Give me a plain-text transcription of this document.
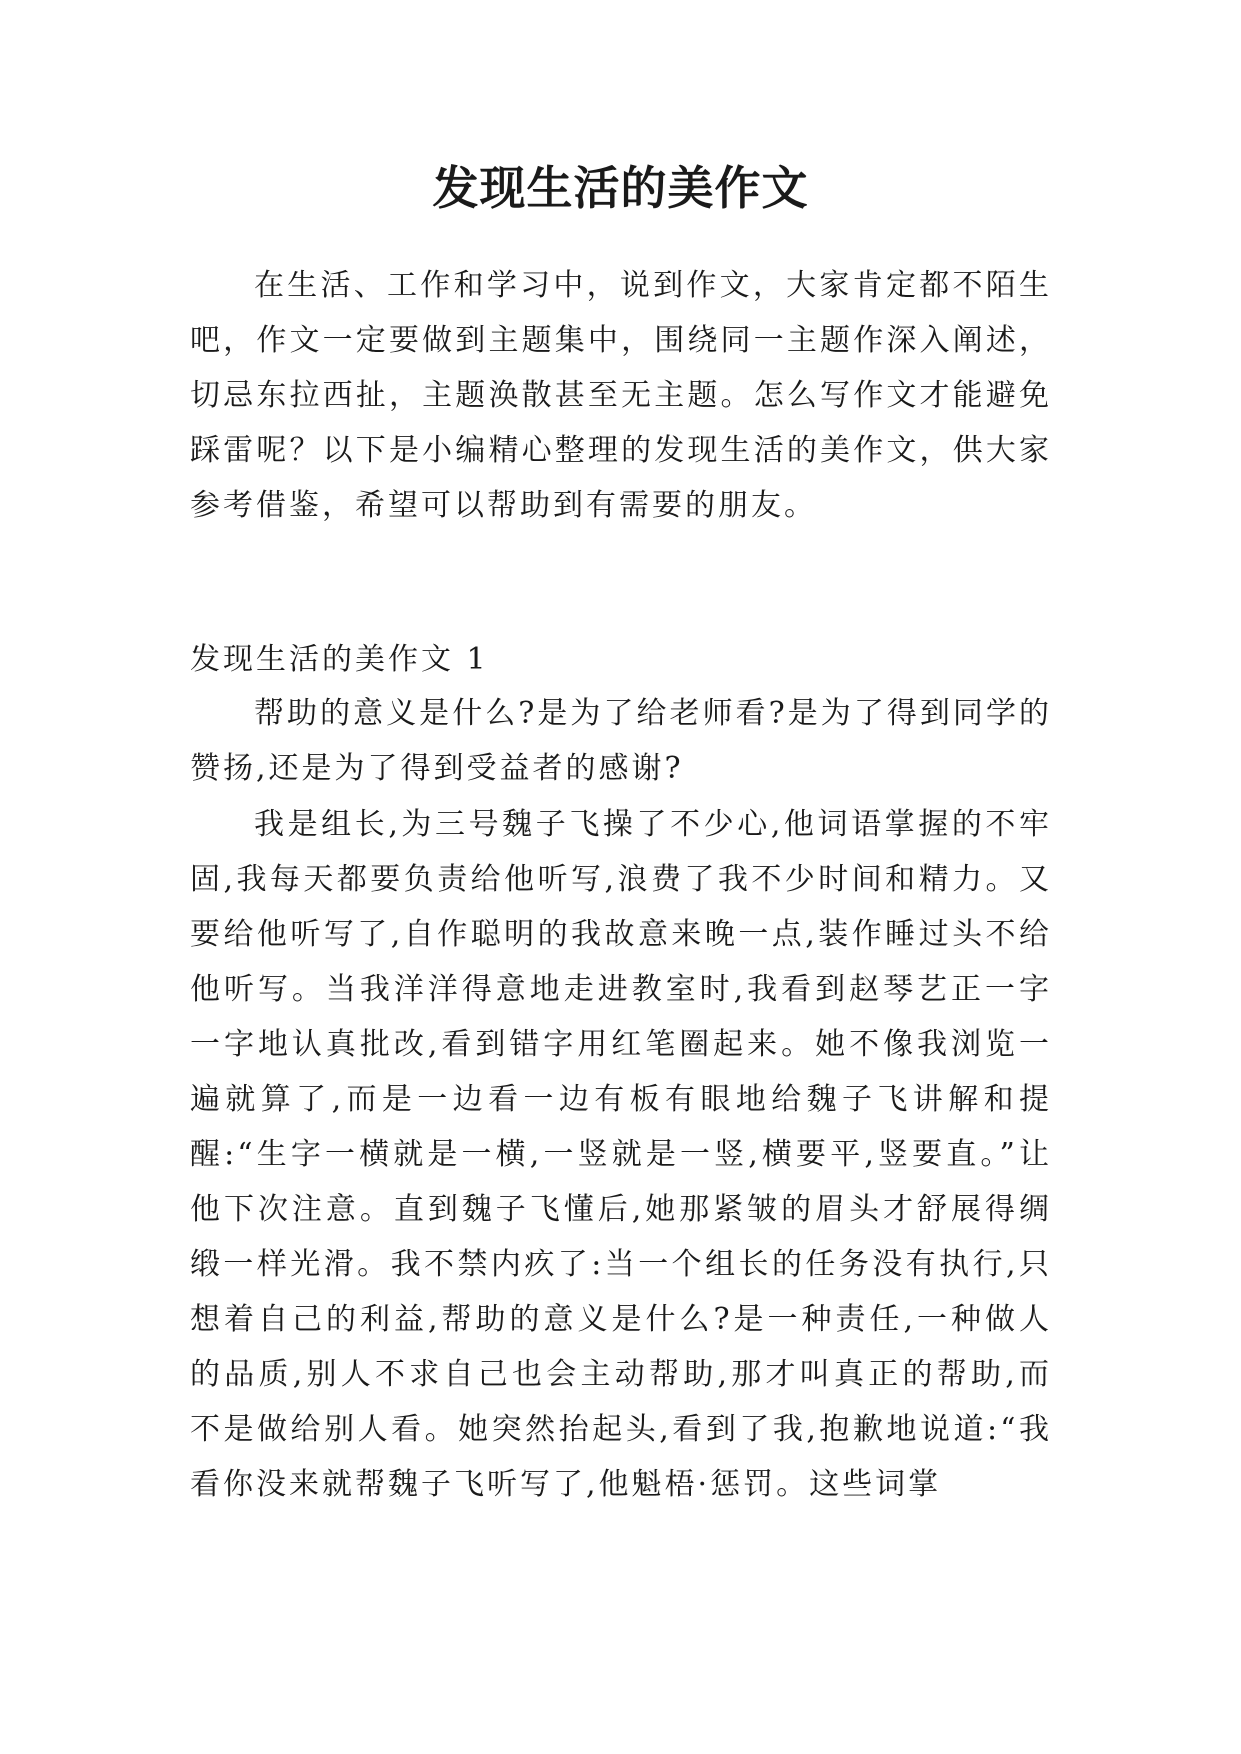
发现生活的美作文

在生活、工作和学习中，说到作文，大家肯定都不陌生吧，作文一定要做到主题集中，围绕同一主题作深入阐述，切忌东拉西扯，主题涣散甚至无主题。怎么写作文才能避免踩雷呢？以下是小编精心整理的发现生活的美作文，供大家参考借鉴，希望可以帮助到有需要的朋友。

发现生活的美作文 1

帮助的意义是什么?是为了给老师看?是为了得到同学的赞扬,还是为了得到受益者的感谢?

我是组长,为三号魏子飞操了不少心,他词语掌握的不牢固,我每天都要负责给他听写,浪费了我不少时间和精力。又要给他听写了,自作聪明的我故意来晚一点,装作睡过头不给他听写。当我洋洋得意地走进教室时,我看到赵琴艺正一字一字地认真批改,看到错字用红笔圈起来。她不像我浏览一遍就算了,而是一边看一边有板有眼地给魏子飞讲解和提醒:“生字一横就是一横,一竖就是一竖,横要平,竖要直。”让他下次注意。直到魏子飞懂后,她那紧皱的眉头才舒展得绸缎一样光滑。我不禁内疚了:当一个组长的任务没有执行,只想着自己的利益,帮助的意义是什么?是一种责任,一种做人的品质,别人不求自己也会主动帮助,那才叫真正的帮助,而不是做给别人看。她突然抬起头,看到了我,抱歉地说道:“我看你没来就帮魏子飞听写了,他魁梧·惩罚。这些词掌
